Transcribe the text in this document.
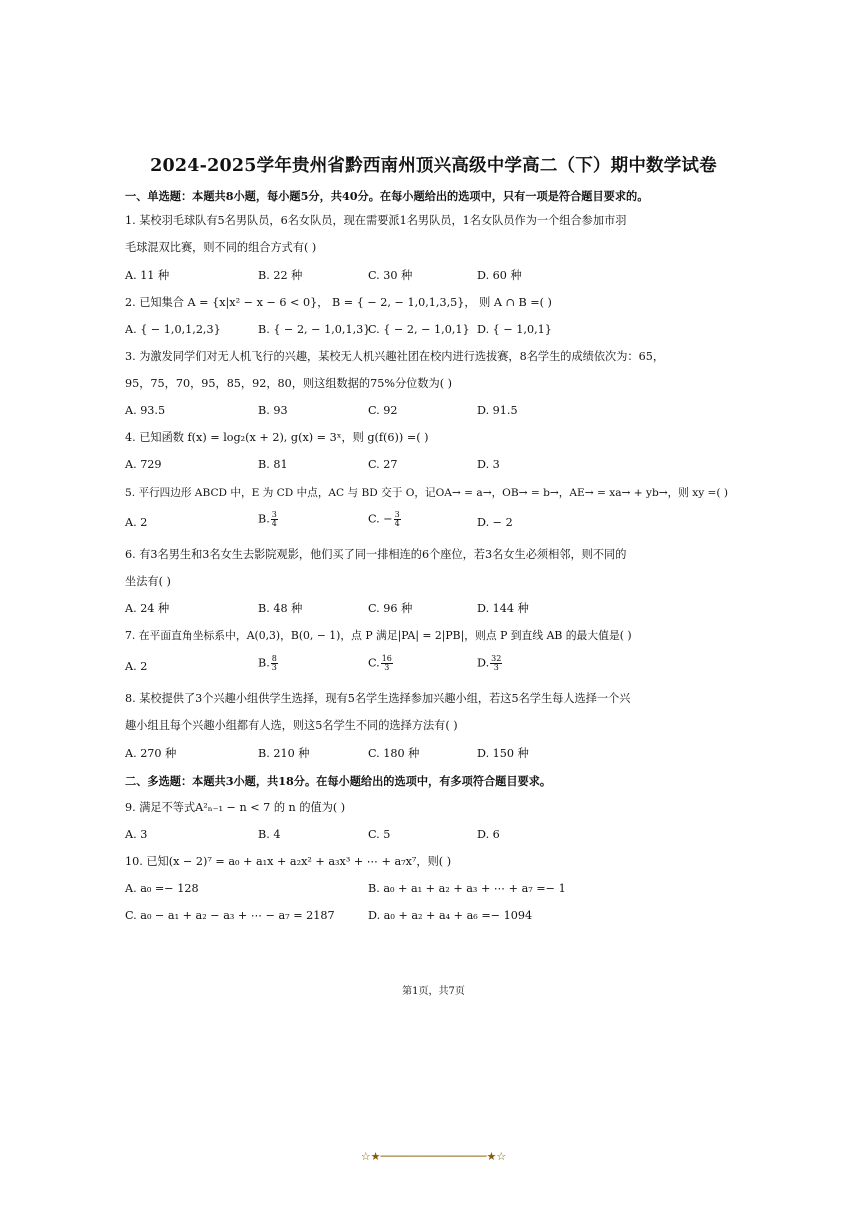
2024-2025学年贵州省黔西南州顶兴高级中学高二（下）期中数学试卷
一、单选题：本题共8小题，每小题5分，共40分。在每小题给出的选项中，只有一项是符合题目要求的。
1. 某校羽毛球队有5名男队员，6名女队员，现在需要派1名男队员，1名女队员作为一个组合参加市羽
毛球混双比赛，则不同的组合方式有( )
A. 11 种	B. 22 种	C. 30 种	D. 60 种
2. 已知集合 A = {x|x² − x − 6 < 0}， B = { − 2, − 1,0,1,3,5}， 则 A ∩ B =( )
A. { − 1,0,1,2,3}	B. { − 2, − 1,0,1,3}
C. { − 2, − 1,0,1} D. { − 1,0,1}
3. 为激发同学们对无人机飞行的兴趣，某校无人机兴趣社团在校内进行选拔赛，8名学生的成绩依次为：65，
95，75，70，95，85，92，80，则这组数据的75%分位数为( )
A. 93.5	B. 93	C. 92	D. 91.5
4. 已知函数 f(x) = log₂(x + 2), g(x) = 3ˣ，则 g(f(6)) =( )
A. 729	B. 81	C. 27	D. 3
5. 平行四边形 ABCD 中，E 为 CD 中点，AC 与 BD 交于 O，记OA→ = a→，OB→ = b→，AE→ = xa→ + yb→，则 xy =( )
A. 2	B. $\frac{3}{4}$	C. − $\frac{3}{4}$	D. − 2
6. 有3名男生和3名女生去影院观影，他们买了同一排相连的6个座位，若3名女生必须相邻，则不同的
坐法有( )
A. 24 种	B. 48 种	C. 96 种	D. 144 种
7. 在平面直角坐标系中，A(0,3)，B(0, − 1)，点 P 满足|PA| = 2|PB|，则点 P 到直线 AB 的最大值是( )
A. 2	B. $\frac{8}{3}$	C. $\frac{16}{3}$	D. $\frac{32}{3}$
8. 某校提供了3个兴趣小组供学生选择，现有5名学生选择参加兴趣小组，若这5名学生每人选择一个兴
趣小组且每个兴趣小组都有人选，则这5名学生不同的选择方法有( )
A. 270 种	B. 210 种	C. 180 种	D. 150 种
二、多选题：本题共3小题，共18分。在每小题给出的选项中，有多项符合题目要求。
9. 满足不等式A²ₙ₋₁ − n < 7 的 n 的值为( )
A. 3	B. 4	C. 5	D. 6
10. 已知(x − 2)⁷ = a₀ + a₁x + a₂x² + a₃x³ + ⋯ + a₇x⁷，则( )
A. a₀ =− 128	B. a₀ + a₁ + a₂ + a₃ + ⋯ + a₇ =− 1
C. a₀ − a₁ + a₂ − a₃ + ⋯ − a₇ = 2187	D. a₀ + a₂ + a₄ + a₆ =− 1094
第1页，共7页
☆★────────────────★☆
